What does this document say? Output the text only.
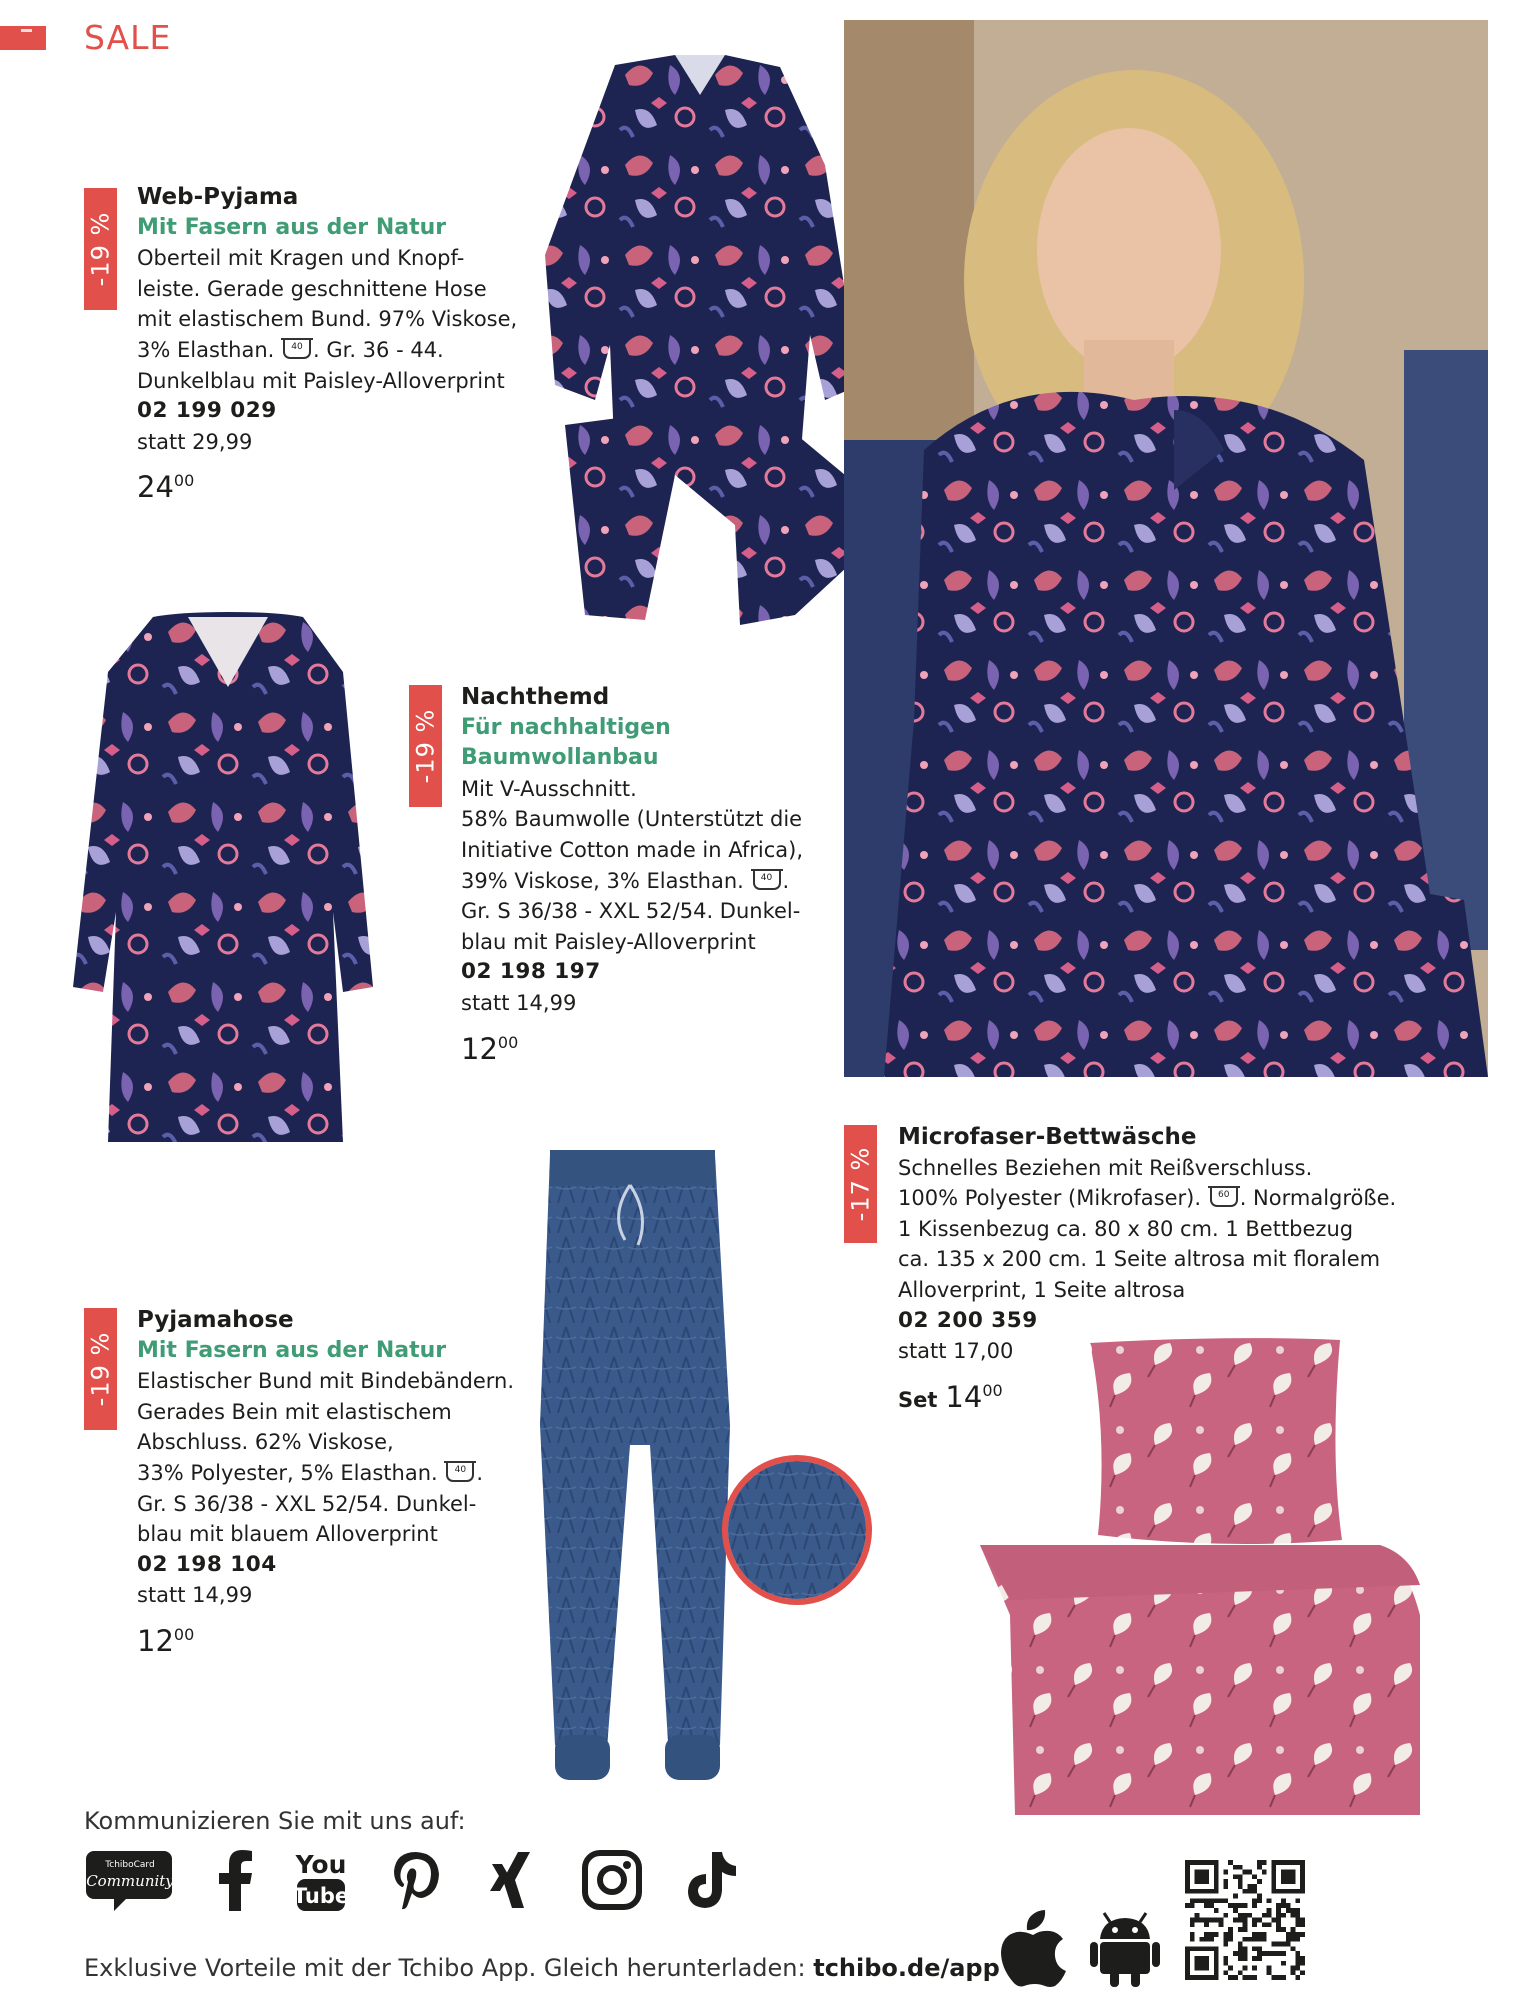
SALE
-19 %
Web-Pyjama
Mit Fasern aus der Natur
Oberteil mit Kragen und Knopf-
leiste. Gerade geschnittene Hose
mit elastischem Bund. 97% Viskose,
3% Elasthan.	40 . Gr. 36 - 44.
Dunkelblau mit Paisley-Alloverprint
02 199 029
statt 29,99
$24^{00}$
-19 %
Nachthemd
Für nachhaltigen
Baumwollanbau
Mit V-Ausschnitt.
58% Baumwolle (Unterstützt die
Initiative Cotton made in Africa),
39% Viskose, 3% Elasthan.	40 .
Gr. S 36/38 - XXL 52/54. Dunkel-
blau mit Paisley-Alloverprint
02 198 197
statt 14,99
$12^{00}$
-17 %
Microfaser-Bettwäsche
Schnelles Beziehen mit Reißverschluss.
100% Polyester (Mikrofaser).	60 . Normalgröße.
1 Kissenbezug ca. 80 x 80 cm. 1 Bettbezug
ca. 135 x 200 cm. 1 Seite altrosa mit floralem
Alloverprint, 1 Seite altrosa
02 200 359
statt 17,00
Set $14^{00}$
-19 %
Pyjamahose
Mit Fasern aus der Natur
Elastischer Bund mit Bindebändern.
Gerades Bein mit elastischem
Abschluss. 62% Viskose,
33% Polyester, 5% Elasthan.	40 .
Gr. S 36/38 - XXL 52/54. Dunkel-
blau mit blauem Alloverprint
02 198 104
statt 14,99
$12^{00}$
Kommunizieren Sie mit uns auf:
TchiboCard
Community
You
Tube
Exklusive Vorteile mit der Tchibo App. Gleich herunterladen: tchibo.de/app
